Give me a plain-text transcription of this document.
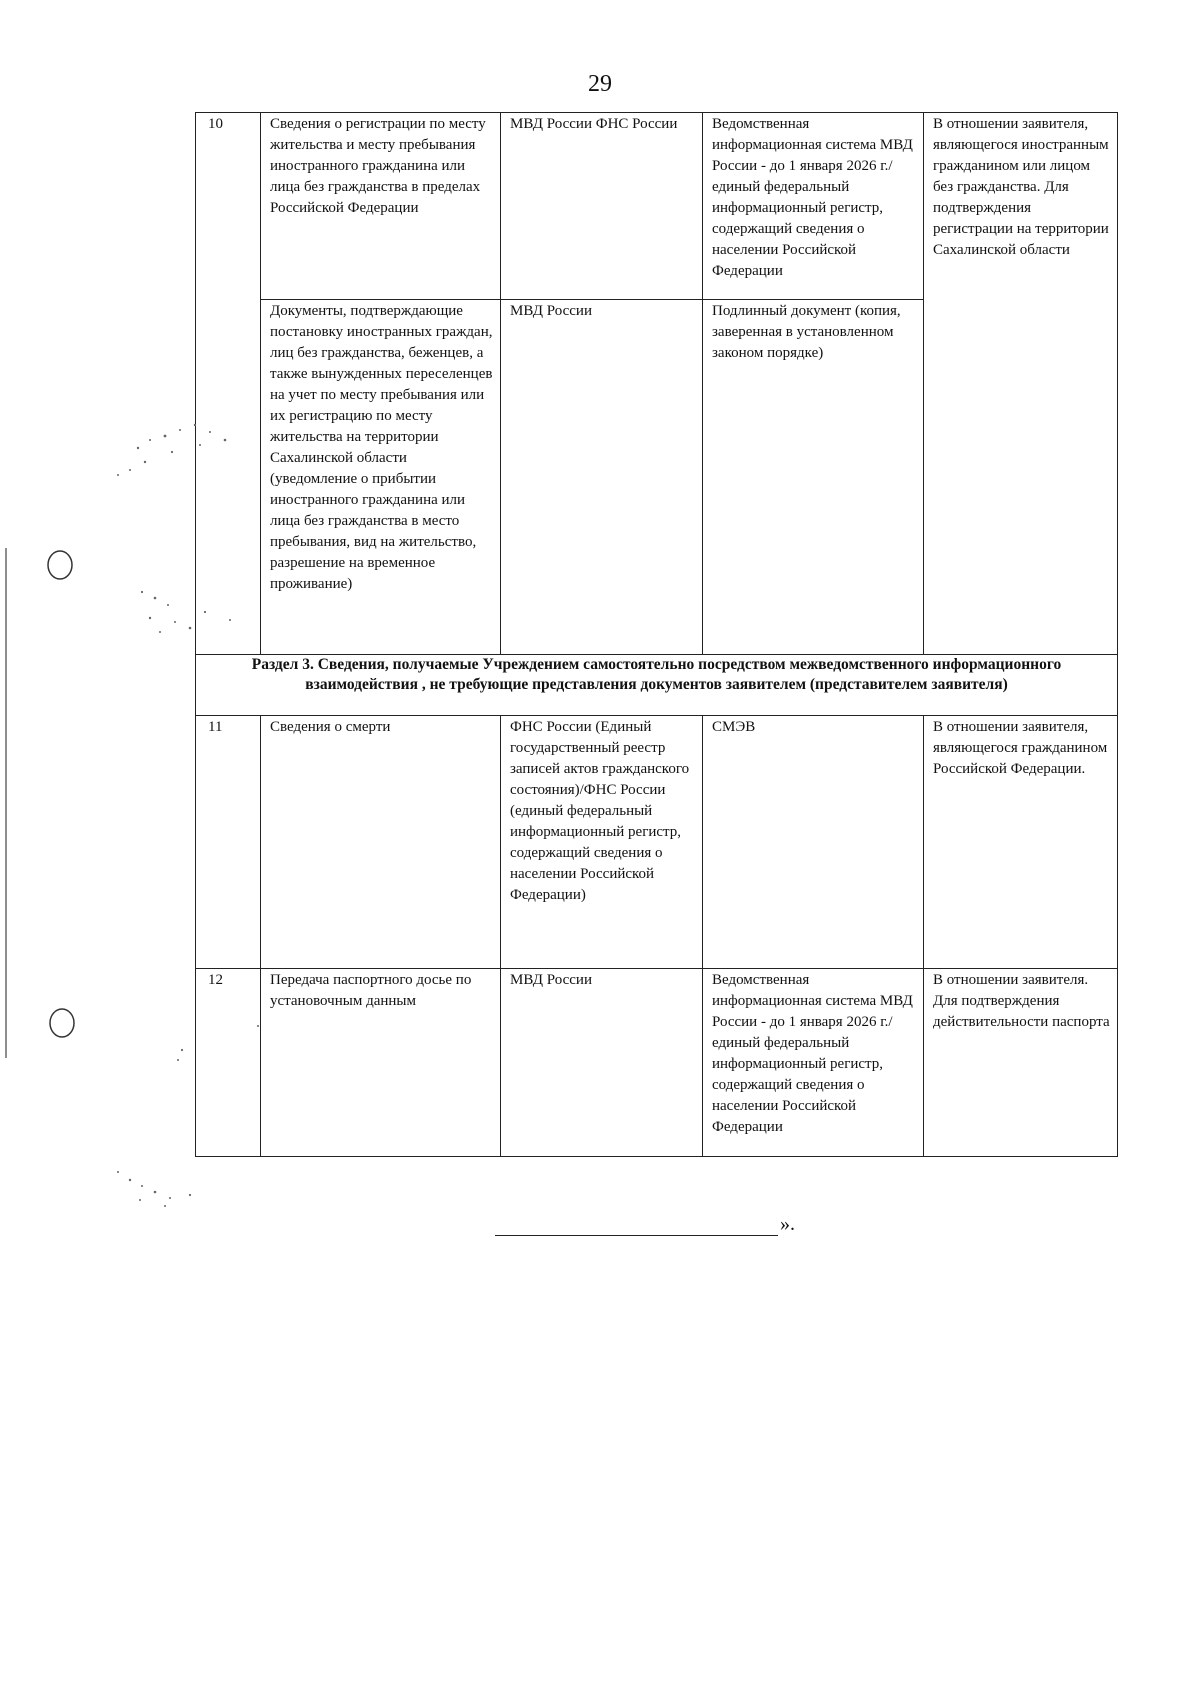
29
10	Сведения о регистрации по месту жительства и месту пребывания иностранного гражданина или лица без гражданства в пределах Российской Федерации	МВД России ФНС России	Ведомственная информационная система МВД России - до 1 января 2026 г./единый федеральный информационный регистр, содержащий сведения о населении Российской Федерации	В отношении заявителя, являющегося иностранным гражданином или лицом без гражданства. Для подтверждения регистрации на территории Сахалинской области
	Документы, подтверждающие постановку иностранных граждан, лиц без гражданства, беженцев, а также вынужденных переселенцев на учет по месту пребывания или их регистрацию по месту жительства на территории Сахалинской области (уведомление о прибытии иностранного гражданина или лица без гражданства в место пребывания, вид на жительство, разрешение на временное проживание)	МВД России	Подлинный документ (копия, заверенная в установленном законом порядке)	
Раздел 3. Сведения, получаемые Учреждением самостоятельно посредством межведомственного информационного взаимодействия , не требующие представления документов заявителем (представителем заявителя)				
11	Сведения о смерти	ФНС России (Единый государственный реестр записей актов гражданского состояния)/ФНС России (единый федеральный информационный регистр, содержащий сведения о населении Российской Федерации)	СМЭВ	В отношении заявителя, являющегося гражданином Российской Федерации.
12	Передача паспортного досье по установочным данным	МВД России	Ведомственная информационная система МВД России - до 1 января 2026 г./единый федеральный информационный регистр, содержащий сведения о населении Российской Федерации	В отношении заявителя. Для подтверждения действительности паспорта
».
